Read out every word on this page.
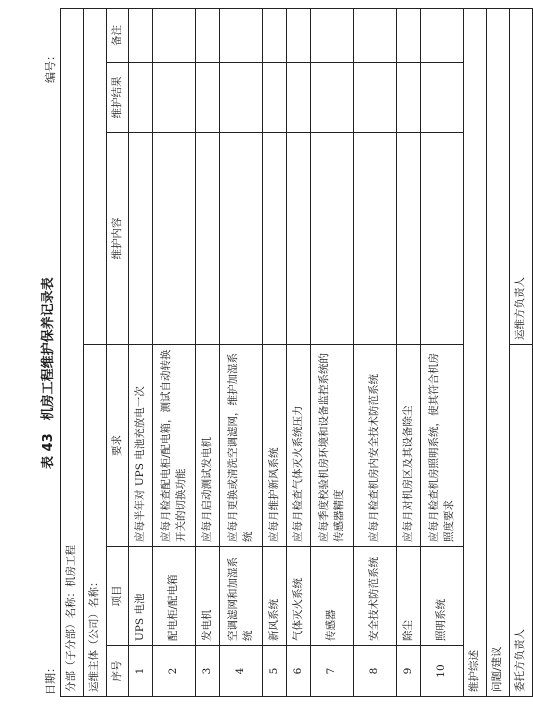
表 43　机房工程维护保养记录表
日期：
编号：
分部（子分部）名称：机房工程					
运维主体（公司）名称：					
序号	项目	要求	维护内容	维护结果	备注
1	UPS 电池	应每半年对 UPS 电池充放电一次			
2	配电柜/配电箱	应每月检查配电柜/配电箱，测试自动转换开关的切换功能			
3	发电机	应每月启动测试发电机			
4	空调滤网和加湿系统	应每月更换或清洗空调滤网，维护加湿系统			
5	新风系统	应每月维护新风系统			
6	气体灭火系统	应每月检查气体灭火系统压力			
7	传感器	应每季度校验机房环境和设备监控系统的传感器精度			
8	安全技术防范系统	应每月检查机房内安全技术防范系统			
9	除尘	应每月对机房区及其设备除尘			
10	照明系统	应每月检查机房照明系统，使其符合机房照度要求			
维护综述					
问题/建议					
委托方负责人			运维方负责人		
